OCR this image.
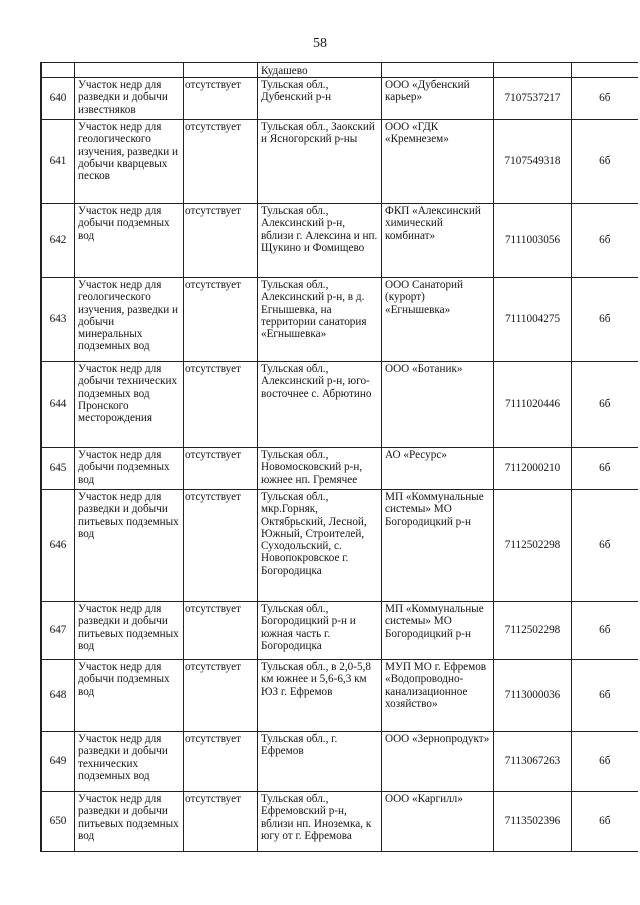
58
			Кудашево			
640	Участок недр для разведки и добычи известняков	отсутствует	Тульская обл., Дубенский р-н	ООО «Дубенский карьер»	7107537217	6б
641	Участок недр для геологического изучения, разведки и добычи кварцевых песков	отсутствует	Тульская обл., Заокский и Ясногорский р-ны	ООО «ГДК «Кремнезем»	7107549318	6б
642	Участок недр для добычи подземных вод	отсутствует	Тульская обл., Алексинский р-н, вблизи г. Алексина и нп. Щукино и Фомищево	ФКП «Алексинский химический комбинат»	7111003056	6б
643	Участок недр для геологического изучения, разведки и добычи минеральных подземных вод	отсутствует	Тульская обл., Алексинский р-н, в д. Егнышевка, на территории санатория «Егнышевка»	ООО Санаторий (курорт) «Егнышевка»	7111004275	6б
644	Участок недр для добычи технических подземных вод Пронского месторождения	отсутствует	Тульская обл., Алексинский р-н, юго-восточнее с. Абрютино	ООО «Ботаник»	7111020446	6б
645	Участок недр для добычи подземных вод	отсутствует	Тульская обл., Новомосковский р-н, южнее нп. Гремячее	АО «Ресурс»	7112000210	6б
646	Участок недр для разведки и добычи питьевых подземных вод	отсутствует	Тульская обл., мкр.Горняк, Октябрьский, Лесной, Южный, Строителей, Суходольский, с. Новопокровское г. Богородицка	МП «Коммунальные системы» МО Богородицкий р-н	7112502298	6б
647	Участок недр для разведки и добычи питьевых подземных вод	отсутствует	Тульская обл., Богородицкий р-н и южная часть г. Богородицка	МП «Коммунальные системы» МО Богородицкий р-н	7112502298	6б
648	Участок недр для добычи подземных вод	отсутствует	Тульская обл., в 2,0-5,8 км южнее и 5,6-6,3 км ЮЗ г. Ефремов	МУП МО г. Ефремов «Водопроводно-канализационное хозяйство»	7113000036	6б
649	Участок недр для разведки и добычи технических подземных вод	отсутствует	Тульская обл., г. Ефремов	ООО «Зернопродукт»	7113067263	6б
650	Участок недр для разведки и добычи питьевых подземных вод	отсутствует	Тульская обл., Ефремовский р-н, вблизи нп. Иноземка, к югу от г. Ефремова	ООО «Каргилл»	7113502396	6б
